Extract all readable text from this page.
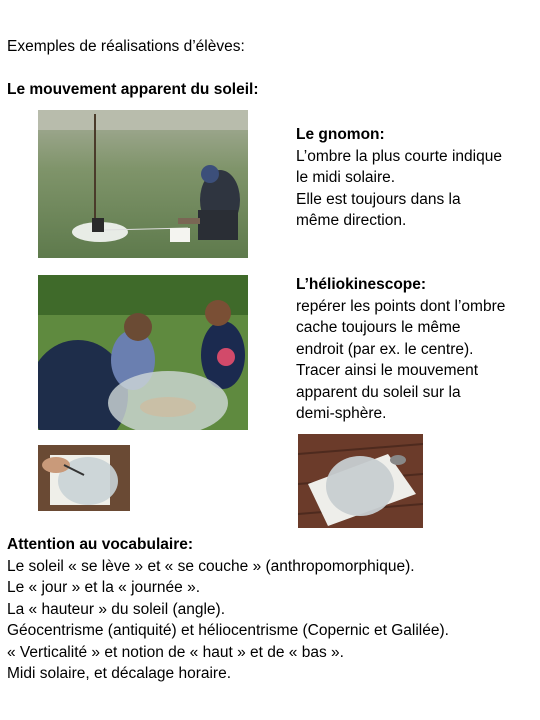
Exemples de réalisations d’élèves:
Le mouvement apparent du soleil:
Le gnomon:
L’ombre la plus courte indique
le midi solaire.
Elle est toujours dans la
même direction.
L’héliokinescope:
repérer les points dont l’ombre
cache toujours le même
endroit (par ex. le centre).
Tracer ainsi le mouvement
apparent du soleil sur la
demi-sphère.
Attention au vocabulaire:
Le soleil « se lève » et « se couche » (anthropomorphique).
Le « jour » et la « journée ».
La « hauteur » du soleil (angle).
Géocentrisme (antiquité) et héliocentrisme (Copernic et Galilée).
« Verticalité » et notion de « haut » et de « bas ».
Midi solaire, et décalage horaire.
